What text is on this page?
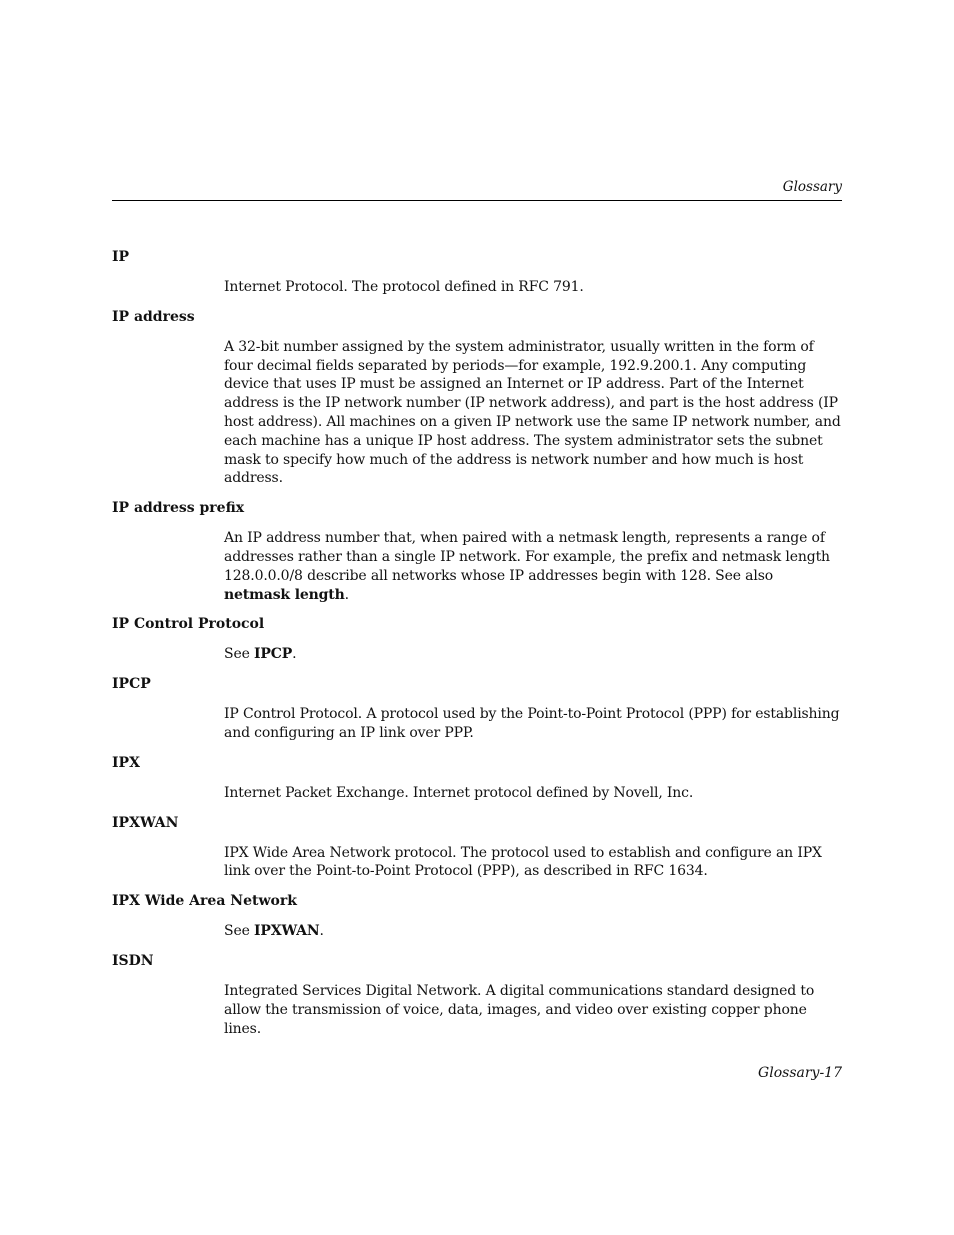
Glossary

IP

Internet Protocol. The protocol defined in RFC 791.

IP address

A 32-bit number assigned by the system administrator, usually written in the form of four decimal fields separated by periods—for example, 192.9.200.1. Any computing device that uses IP must be assigned an Internet or IP address. Part of the Internet address is the IP network number (IP network address), and part is the host address (IP host address). All machines on a given IP network use the same IP network number, and each machine has a unique IP host address. The system administrator sets the subnet mask to specify how much of the address is network number and how much is host address.

IP address prefix

An IP address number that, when paired with a netmask length, represents a range of addresses rather than a single IP network. For example, the prefix and netmask length 128.0.0.0/8 describe all networks whose IP addresses begin with 128. See also netmask length.

IP Control Protocol

See IPCP.

IPCP

IP Control Protocol. A protocol used by the Point-to-Point Protocol (PPP) for establishing and configuring an IP link over PPP.

IPX

Internet Packet Exchange. Internet protocol defined by Novell, Inc.

IPXWAN

IPX Wide Area Network protocol. The protocol used to establish and configure an IPX link over the Point-to-Point Protocol (PPP), as described in RFC 1634.

IPX Wide Area Network

See IPXWAN.

ISDN

Integrated Services Digital Network. A digital communications standard designed to allow the transmission of voice, data, images, and video over existing copper phone lines.

Glossary-17
